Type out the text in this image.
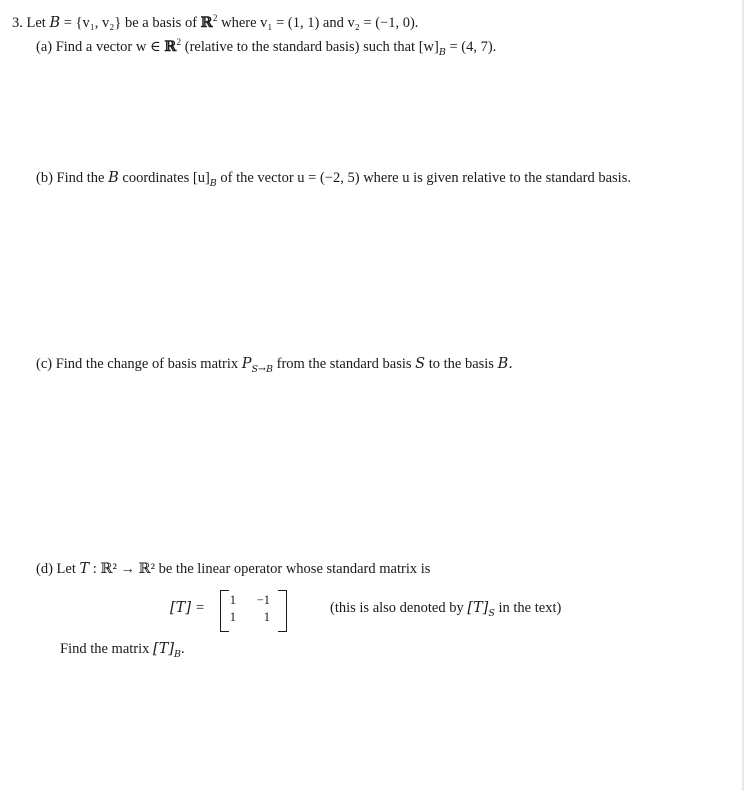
3. Let B = {v₁, v₂} be a basis of ℝ$^2$ where v₁ = (1, 1) and v₂ = (−1, 0).
(a) Find a vector w ∈ ℝ$^2$ (relative to the standard basis) such that $[w]_B = (4$, 7).
(b) Find the B coordinates $[u]_B$ of the vector u = (−2, 5) where u is given relative to the standard basis.
(c) Find the change of basis matrix $P_{S\to B}$ from the standard basis S to the basis B.
(d) Let T : ℝ² → ℝ² be the linear operator whose standard matrix is
[T] =	1	−1
1	1
(this is also denoted by $[T]_S$ in the text)
Find the matrix $[T]_B$.
